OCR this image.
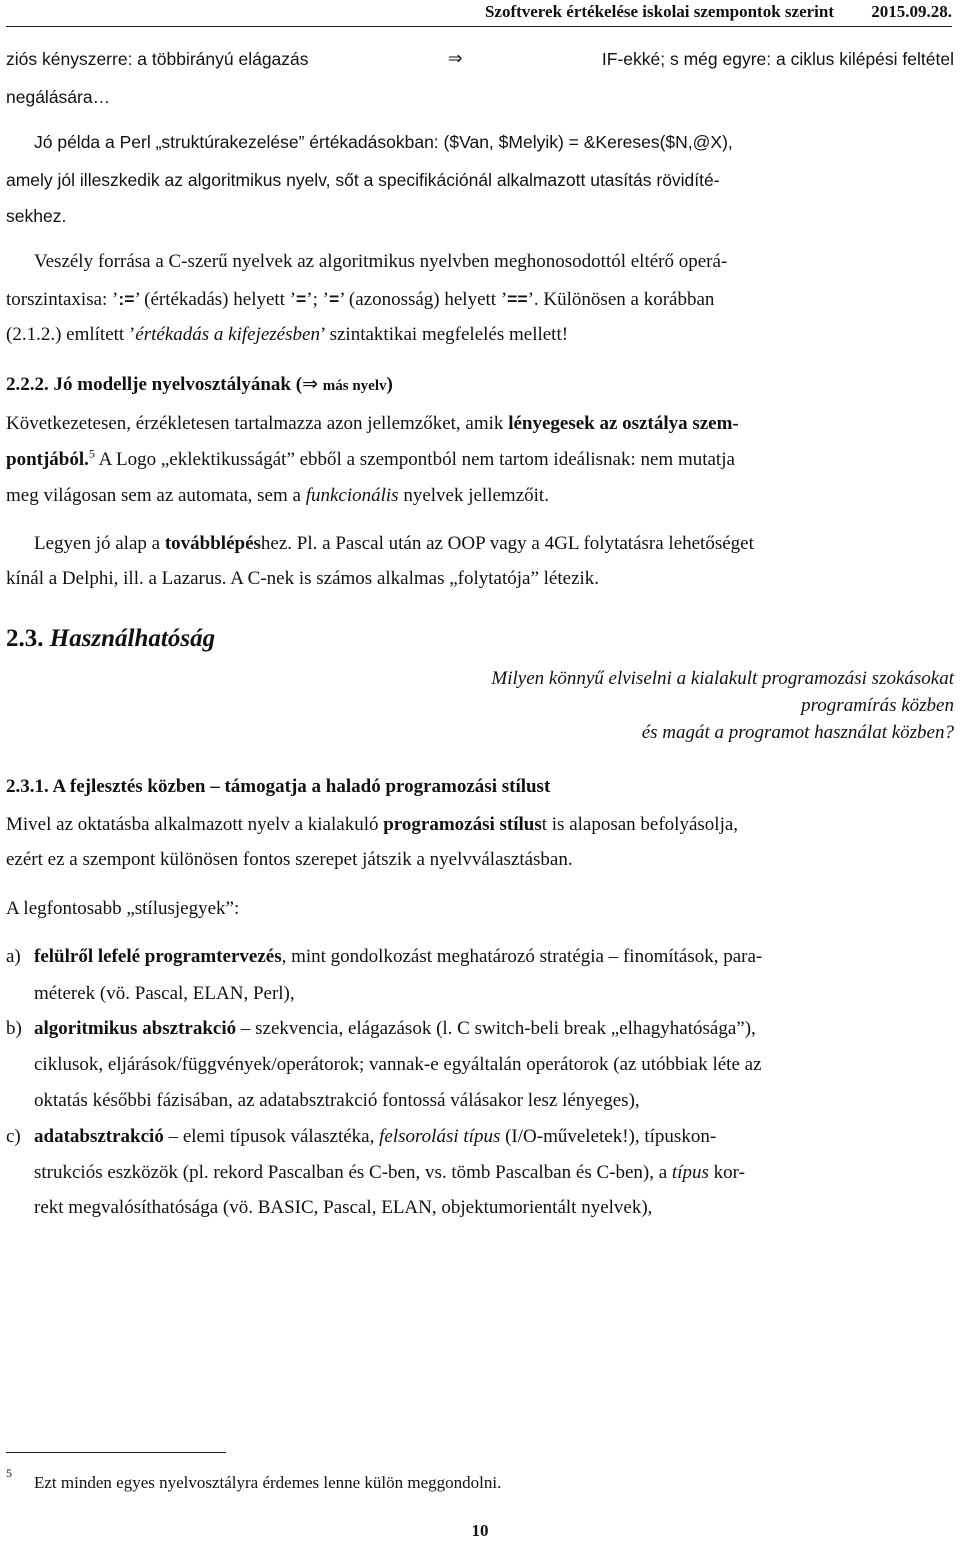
Szoftverek értékelése iskolai szempontok szerint 2015.09.28.
ziós kényszerre: a többirányú elágazás	⇒	IF-ekké; s még egyre: a ciklus kilépési feltétel
negálására…
Jó példa a Perl „struktúrakezelése” értékadásokban: ($Van, $Melyik) = &Kereses($N,@X),
amely jól illeszkedik az algoritmikus nyelv, sőt a specifikációnál alkalmazott utasítás rövidíté-
sekhez.
Veszély forrása a C-szerű nyelvek az algoritmikus nyelvben meghonosodottól eltérő operá-
torszintaxisa: ’:=’ (értékadás) helyett ’=’; ’=’ (azonosság) helyett ’==’. Különösen a korábban
(2.1.2.) említett ’értékadás a kifejezésben’ szintaktikai megfelelés mellett!
2.2.2. Jó modellje nyelvosztályának (⇒ más nyelv)
Következetesen, érzékletesen tartalmazza azon jellemzőket, amik lényegesek az osztálya szem-
pontjából.$^5$ A Logo „eklektikusságát” ebből a szempontból nem tartom ideálisnak: nem mutatja
meg világosan sem az automata, sem a funkcionális nyelvek jellemzőit.
Legyen jó alap a továbblépéshez. Pl. a Pascal után az OOP vagy a 4GL folytatásra lehetőséget
kínál a Delphi, ill. a Lazarus. A C-nek is számos alkalmas „folytatója” létezik.
2.3. Használhatóság
Milyen könnyű elviselni a kialakult programozási szokásokat
programírás közben
és magát a programot használat közben?
2.3.1. A fejlesztés közben – támogatja a haladó programozási stílust
Mivel az oktatásba alkalmazott nyelv a kialakuló programozási stílust is alaposan befolyásolja,
ezért ez a szempont különösen fontos szerepet játszik a nyelvválasztásban.
A legfontosabb „stílusjegyek”:
a) felülről lefelé programtervezés, mint gondolkozást meghatározó stratégia – finomítások, para-
méterek (vö. Pascal, ELAN, Perl),
b) algoritmikus absztrakció – szekvencia, elágazások (l. C switch-beli break „elhagyhatósága”),
ciklusok, eljárások/függvények/operátorok; vannak-e egyáltalán operátorok (az utóbbiak léte az
oktatás későbbi fázisában, az adatabsztrakció fontossá válásakor lesz lényeges),
c) adatabsztrakció – elemi típusok választéka, felsorolási típus (I/O-műveletek!), típuskon-
strukciós eszközök (pl. rekord Pascalban és C-ben, vs. tömb Pascalban és C-ben), a típus kor-
rekt megvalósíthatósága (vö. BASIC, Pascal, ELAN, objektumorientált nyelvek),
5 Ezt minden egyes nyelvosztályra érdemes lenne külön meggondolni.
10
